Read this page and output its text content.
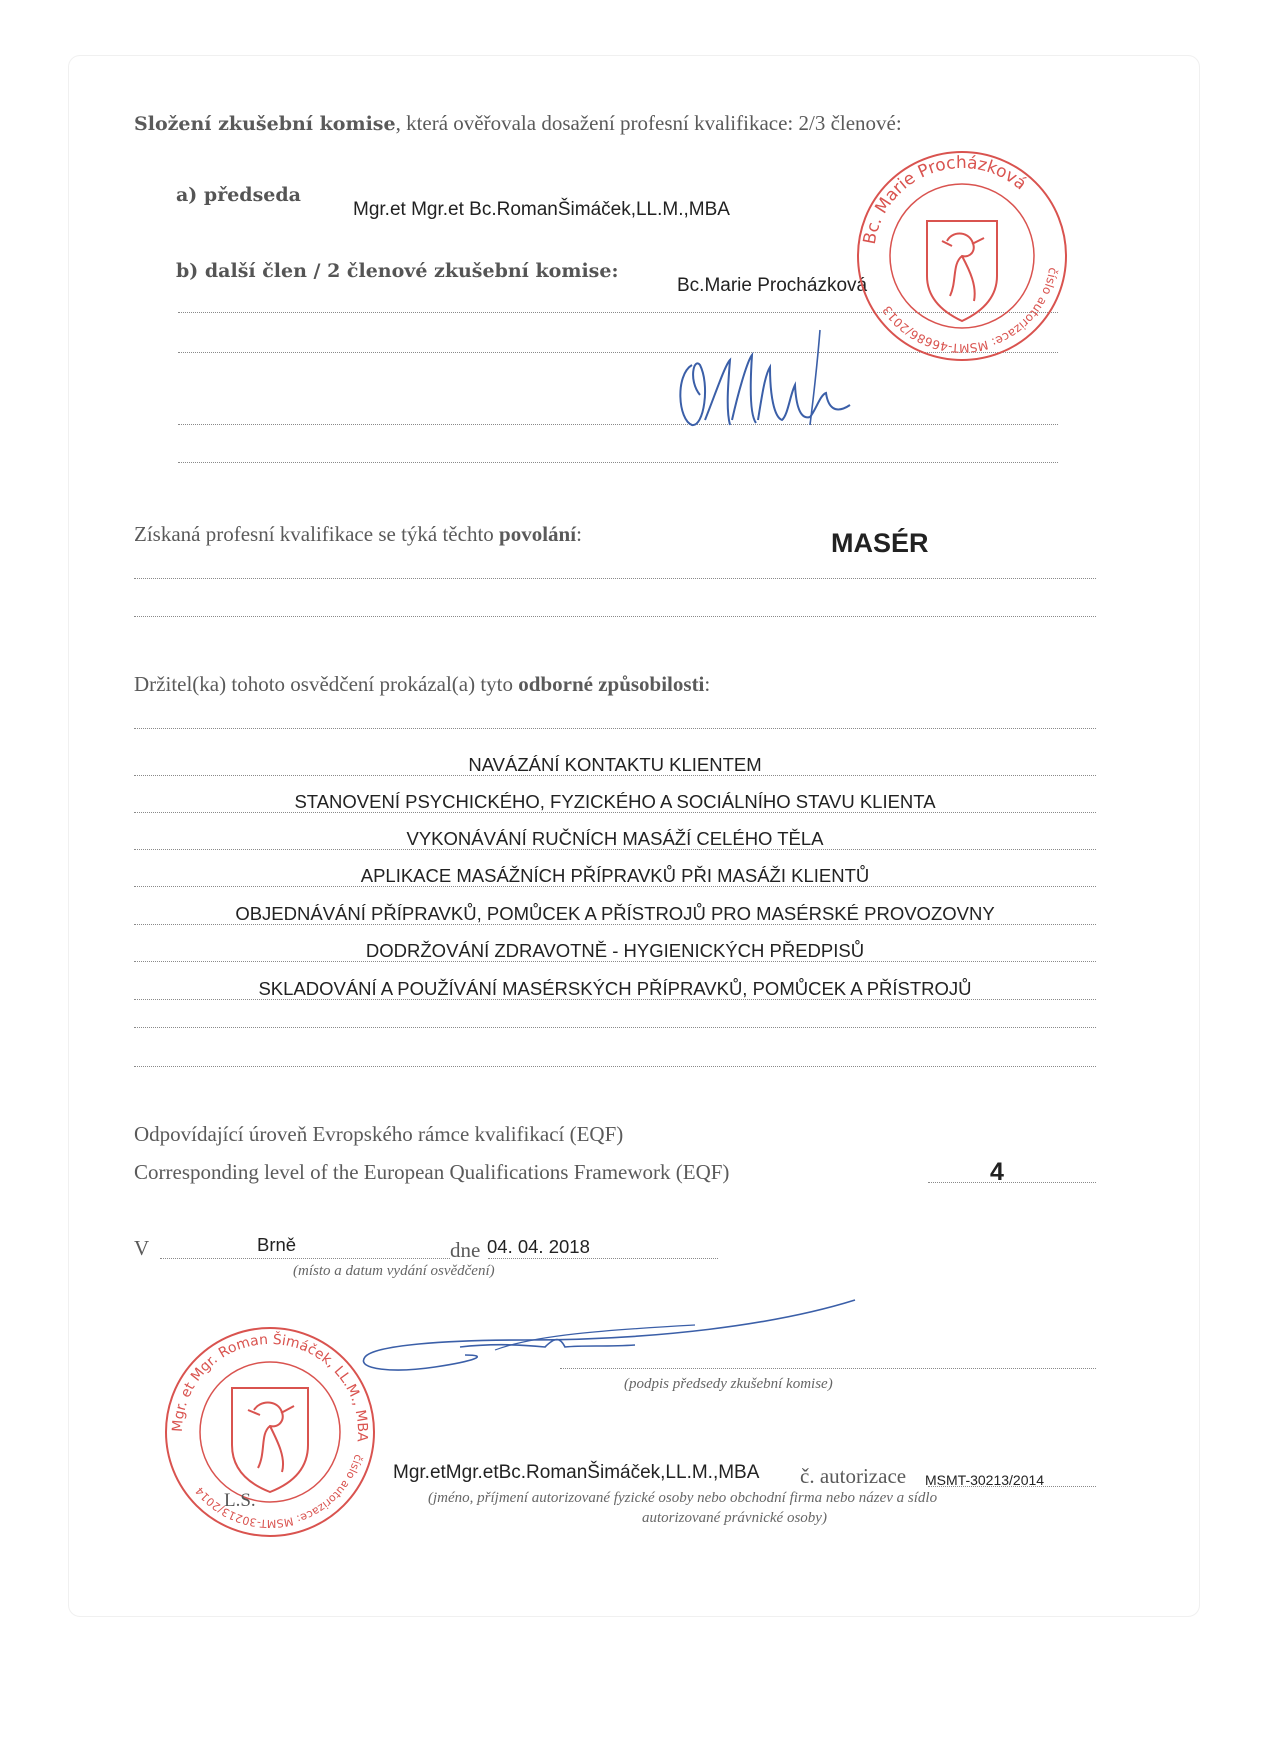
Složení zkušební komise, která ověřovala dosažení profesní kvalifikace: 2/3 členové:
a) předseda
Mgr.et Mgr.et Bc.RomanŠimáček,LL.M.,MBA
b) další člen / 2 členové zkušební komise:
Bc.Marie Procházková
Bc. Marie Procházková
číslo autorizace: MSMT-46686/2013
Získaná profesní kvalifikace se týká těchto povolání:	MASÉR
Držitel(ka) tohoto osvědčení prokázal(a) tyto odborné způsobilosti:
NAVÁZÁNÍ KONTAKTU KLIENTEM
STANOVENÍ PSYCHICKÉHO, FYZICKÉHO A SOCIÁLNÍHO STAVU KLIENTA
VYKONÁVÁNÍ RUČNÍCH MASÁŽÍ CELÉHO TĚLA
APLIKACE MASÁŽNÍCH PŘÍPRAVKŮ PŘI MASÁŽI KLIENTŮ
OBJEDNÁVÁNÍ PŘÍPRAVKŮ, POMŮCEK A PŘÍSTROJŮ PRO MASÉRSKÉ PROVOZOVNY
DODRŽOVÁNÍ ZDRAVOTNĚ - HYGIENICKÝCH PŘEDPISŮ
SKLADOVÁNÍ A POUŽÍVÁNÍ MASÉRSKÝCH PŘÍPRAVKŮ, POMŮCEK A PŘÍSTROJŮ
Odpovídající úroveň Evropského rámce kvalifikací (EQF)
Corresponding level of the European Qualifications Framework (EQF)	4
V	Brně	dne 04. 04. 2018
(místo a datum vydání osvědčení)
(podpis předsedy zkušební komise)
Mgr. et Mgr. Roman Šimáček, LL.M., MBA
číslo autorizace: MSMT-30213/2014 L.S.
Mgr.etMgr.etBc.RomanŠimáček,LL.M.,MBA č. autorizace MSMT-30213/2014
(jméno, příjmení autorizované fyzické osoby nebo obchodní firma nebo název a sídlo
autorizované právnické osoby)
